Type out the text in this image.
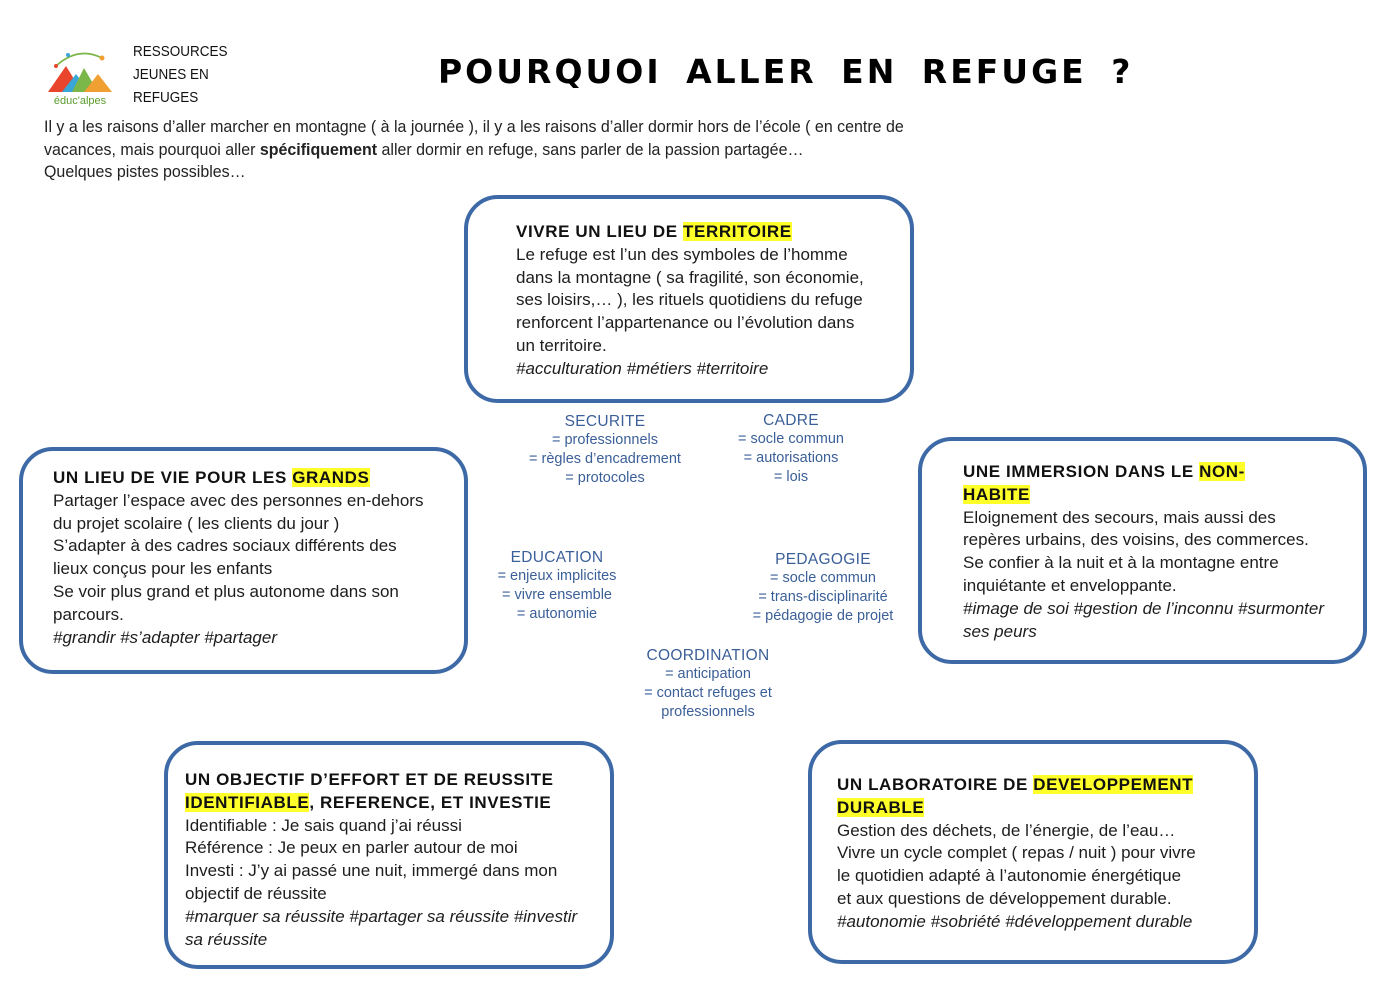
éduc'alpes
RESSOURCES
JEUNES EN
REFUGES
POURQUOI ALLER EN REFUGE ?
Il y a les raisons d’aller marcher en montagne ( à la journée ), il y a les raisons d’aller dormir hors de l’école ( en centre de
vacances, mais pourquoi aller spécifiquement aller dormir en refuge, sans parler de la passion partagée…
Quelques pistes possibles…
VIVRE UN LIEU DE TERRITOIRE
Le refuge est l’un des symboles de l’homme
dans la montagne ( sa fragilité, son économie,
ses loisirs,… ), les rituels quotidiens du refuge
renforcent l’appartenance ou l’évolution dans
un territoire.
#acculturation #métiers #territoire
UN LIEU DE VIE POUR LES GRANDS
Partager l’espace avec des personnes en-dehors
du projet scolaire ( les clients du jour )
S’adapter à des cadres sociaux différents des
lieux conçus pour les enfants
Se voir plus grand et plus autonome dans son
parcours.
#grandir #s’adapter #partager
UNE IMMERSION DANS LE NON-
HABITE
Eloignement des secours, mais aussi des
repères urbains, des voisins, des commerces.
Se confier à la nuit et à la montagne entre
inquiétante et enveloppante.
#image de soi #gestion de l’inconnu #surmonter
ses peurs
UN OBJECTIF D’EFFORT ET DE REUSSITE
IDENTIFIABLE, REFERENCE, ET INVESTIE
Identifiable : Je sais quand j’ai réussi
Référence : Je peux en parler autour de moi
Investi : J’y ai passé une nuit, immergé dans mon
objectif de réussite
#marquer sa réussite #partager sa réussite #investir
sa réussite
UN LABORATOIRE DE DEVELOPPEMENT
DURABLE
Gestion des déchets, de l’énergie, de l’eau…
Vivre un cycle complet ( repas / nuit ) pour vivre
le quotidien adapté à l’autonomie énergétique
et aux questions de développement durable.
#autonomie #sobriété #développement durable
SECURITE
= professionnels
= règles d’encadrement
= protocoles
CADRE
= socle commun
= autorisations
= lois
EDUCATION
= enjeux implicites
= vivre ensemble
= autonomie
PEDAGOGIE
= socle commun
= trans-disciplinarité
= pédagogie de projet
COORDINATION
= anticipation
= contact refuges et
professionnels
